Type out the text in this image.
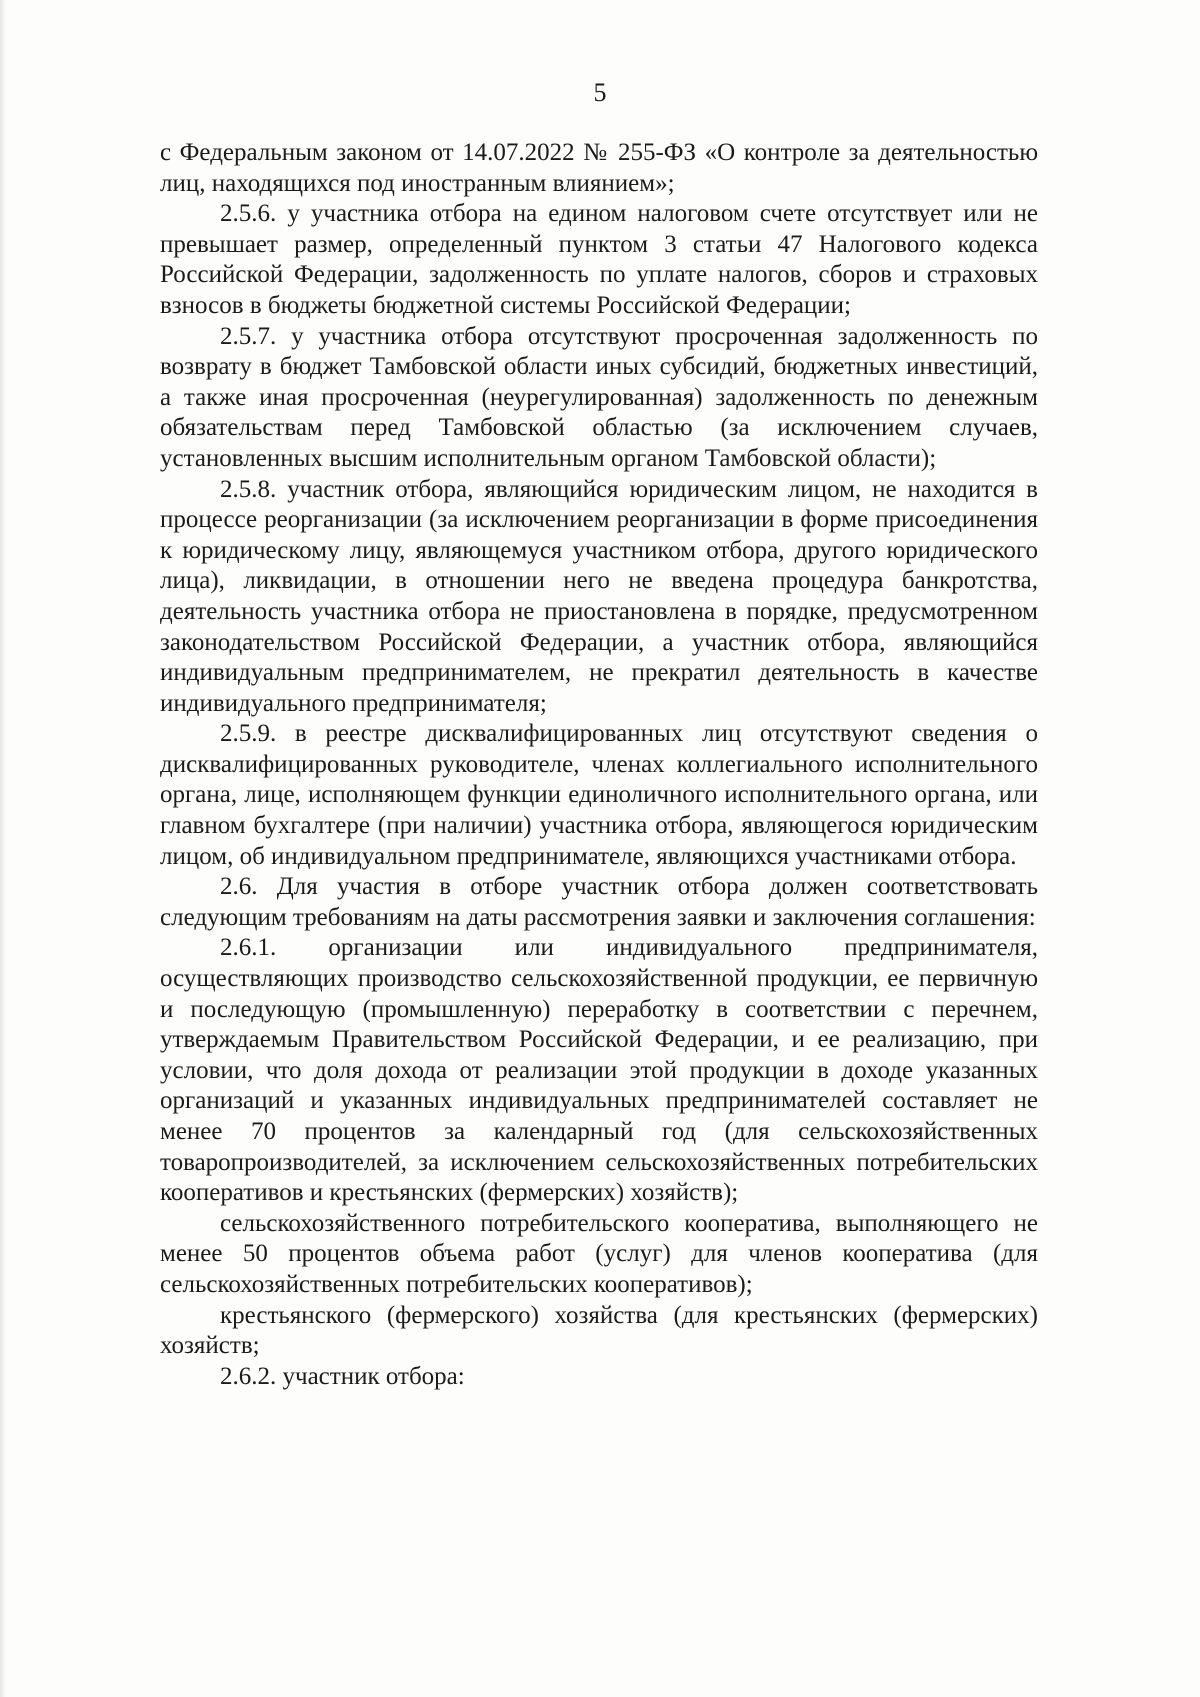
5

с Федеральным законом от 14.07.2022 № 255-ФЗ «О контроле за деятельностью лиц, находящихся под иностранным влиянием»;

2.5.6. у участника отбора на едином налоговом счете отсутствует или не превышает размер, определенный пунктом 3 статьи 47 Налогового кодекса Российской Федерации, задолженность по уплате налогов, сборов и страховых взносов в бюджеты бюджетной системы Российской Федерации;

2.5.7. у участника отбора отсутствуют просроченная задолженность по возврату в бюджет Тамбовской области иных субсидий, бюджетных инвестиций, а также иная просроченная (неурегулированная) задолженность по денежным обязательствам перед Тамбовской областью (за исключением случаев, установленных высшим исполнительным органом Тамбовской области);

2.5.8. участник отбора, являющийся юридическим лицом, не находится в процессе реорганизации (за исключением реорганизации в форме присоединения к юридическому лицу, являющемуся участником отбора, другого юридического лица), ликвидации, в отношении него не введена процедура банкротства, деятельность участника отбора не приостановлена в порядке, предусмотренном законодательством Российской Федерации, а участник отбора, являющийся индивидуальным предпринимателем, не прекратил деятельность в качестве индивидуального предпринимателя;

2.5.9. в реестре дисквалифицированных лиц отсутствуют сведения о дисквалифицированных руководителе, членах коллегиального исполнительного органа, лице, исполняющем функции единоличного исполнительного органа, или главном бухгалтере (при наличии) участника отбора, являющегося юридическим лицом, об индивидуальном предпринимателе, являющихся участниками отбора.

2.6. Для участия в отборе участник отбора должен соответствовать следующим требованиям на даты рассмотрения заявки и заключения соглашения:

2.6.1. организации или индивидуального предпринимателя, осуществляющих производство сельскохозяйственной продукции, ее первичную и последующую (промышленную) переработку в соответствии с перечнем, утверждаемым Правительством Российской Федерации, и ее реализацию, при условии, что доля дохода от реализации этой продукции в доходе указанных организаций и указанных индивидуальных предпринимателей составляет не менее 70 процентов за календарный год (для сельскохозяйственных товаропроизводителей, за исключением сельскохозяйственных потребительских кооперативов и крестьянских (фермерских) хозяйств);

сельскохозяйственного потребительского кооператива, выполняющего не менее 50 процентов объема работ (услуг) для членов кооператива (для сельскохозяйственных потребительских кооперативов);

крестьянского (фермерского) хозяйства (для крестьянских (фермерских) хозяйств;

2.6.2. участник отбора:
